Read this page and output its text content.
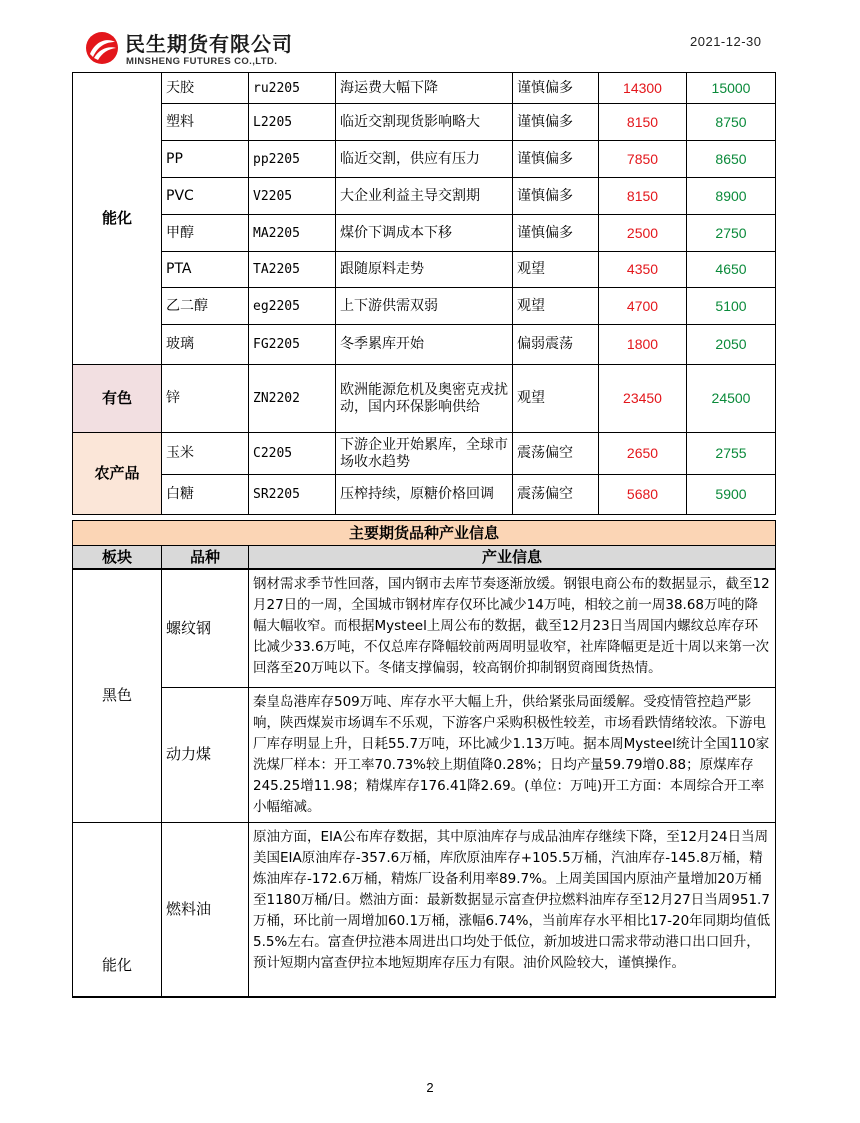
民生期货有限公司
MINSHENG FUTURES CO.,LTD.
2021-12-30
能化	天胶	ru2205	海运费大幅下降	谨慎偏多	14300	15000
	塑料	L2205	临近交割现货影响略大	谨慎偏多	8150	8750
	PP	pp2205	临近交割，供应有压力	谨慎偏多	7850	8650
	PVC	V2205	大企业利益主导交割期	谨慎偏多	8150	8900
	甲醇	MA2205	煤价下调成本下移	谨慎偏多	2500	2750
	PTA	TA2205	跟随原料走势	观望	4350	4650
	乙二醇	eg2205	上下游供需双弱	观望	4700	5100
	玻璃	FG2205	冬季累库开始	偏弱震荡	1800	2050
有色	锌	ZN2202	欧洲能源危机及奥密克戎扰动，国内环保影响供给	观望	23450	24500
农产品	玉米	C2205	下游企业开始累库，全球市场收水趋势	震荡偏空	2650	2755
	白糖	SR2205	压榨持续，原糖价格回调	震荡偏空	5680	5900
主要期货品种产业信息		
板块	品种	产业信息
黑色	螺纹钢	钢材需求季节性回落，国内钢市去库节奏逐渐放缓。钢银电商公布的数据显示，截至12月27日的一周，全国城市钢材库存仅环比减少14万吨，相较之前一周38.68万吨的降幅大幅收窄。而根据Mysteel上周公布的数据，截至12月23日当周国内螺纹总库存环比减少33.6万吨，不仅总库存降幅较前两周明显收窄，社库降幅更是近十周以来第一次回落至20万吨以下。冬储支撑偏弱，较高钢价抑制钢贸商囤货热情。
	动力煤	秦皇岛港库存509万吨、库存水平大幅上升，供给紧张局面缓解。受疫情管控趋严影响，陕西煤炭市场调车不乐观，下游客户采购积极性较差，市场看跌情绪较浓。下游电厂库存明显上升，日耗55.7万吨，环比减少1.13万吨。据本周Mysteel统计全国110家洗煤厂样本：开工率70.73%较上期值降0.28%；日均产量59.79增0.88；原煤库存245.25增11.98；精煤库存176.41降2.69。(单位：万吨)开工方面：本周综合开工率小幅缩减。
能化	燃料油	原油方面，EIA公布库存数据，其中原油库存与成品油库存继续下降，至12月24日当周美国EIA原油库存-357.6万桶，库欣原油库存+105.5万桶，汽油库存-145.8万桶，精炼油库存-172.6万桶，精炼厂设备利用率89.7%。上周美国国内原油产量增加20万桶至1180万桶/日。燃油方面：最新数据显示富查伊拉燃料油库存至12月27日当周951.7万桶，环比前一周增加60.1万桶，涨幅6.74%，当前库存水平相比17-20年同期均值低5.5%左右。富查伊拉港本周进出口均处于低位，新加坡进口需求带动港口出口回升，预计短期内富查伊拉本地短期库存压力有限。油价风险较大，谨慎操作。
2
